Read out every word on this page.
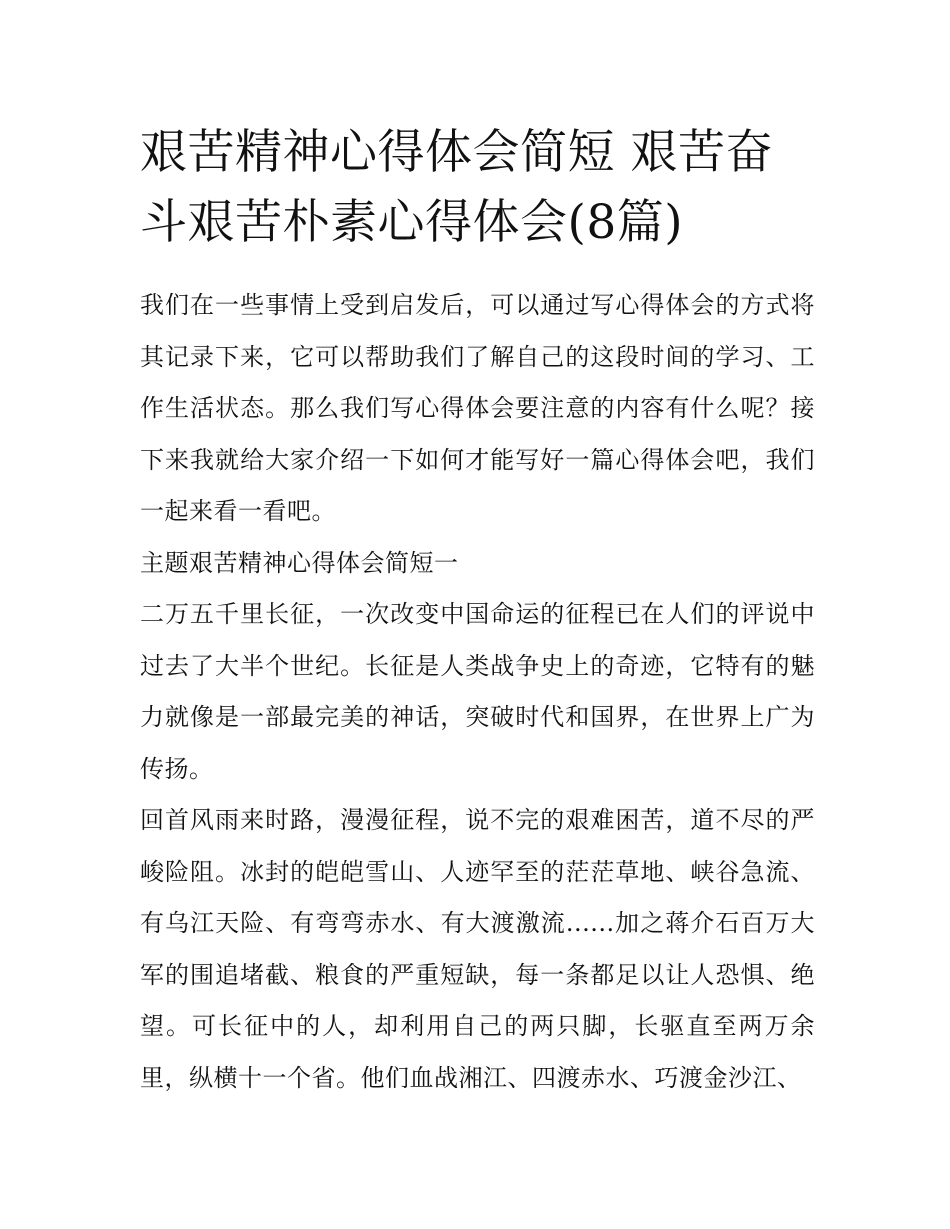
艰苦精神心得体会简短 艰苦奋斗艰苦朴素心得体会(8篇)

我们在一些事情上受到启发后，可以通过写心得体会的方式将其记录下来，它可以帮助我们了解自己的这段时间的学习、工作生活状态。那么我们写心得体会要注意的内容有什么呢？接下来我就给大家介绍一下如何才能写好一篇心得体会吧，我们一起来看一看吧。

主题艰苦精神心得体会简短一

二万五千里长征，一次改变中国命运的征程已在人们的评说中过去了大半个世纪。长征是人类战争史上的奇迹，它特有的魅力就像是一部最完美的神话，突破时代和国界，在世界上广为传扬。

回首风雨来时路，漫漫征程，说不完的艰难困苦，道不尽的严峻险阻。冰封的皑皑雪山、人迹罕至的茫茫草地、峡谷急流、有乌江天险、有弯弯赤水、有大渡激流......加之蒋介石百万大军的围追堵截、粮食的严重短缺，每一条都足以让人恐惧、绝望。可长征中的人，却利用自己的两只脚，长驱直至两万余里，纵横十一个省。他们血战湘江、四渡赤水、巧渡金沙江、
